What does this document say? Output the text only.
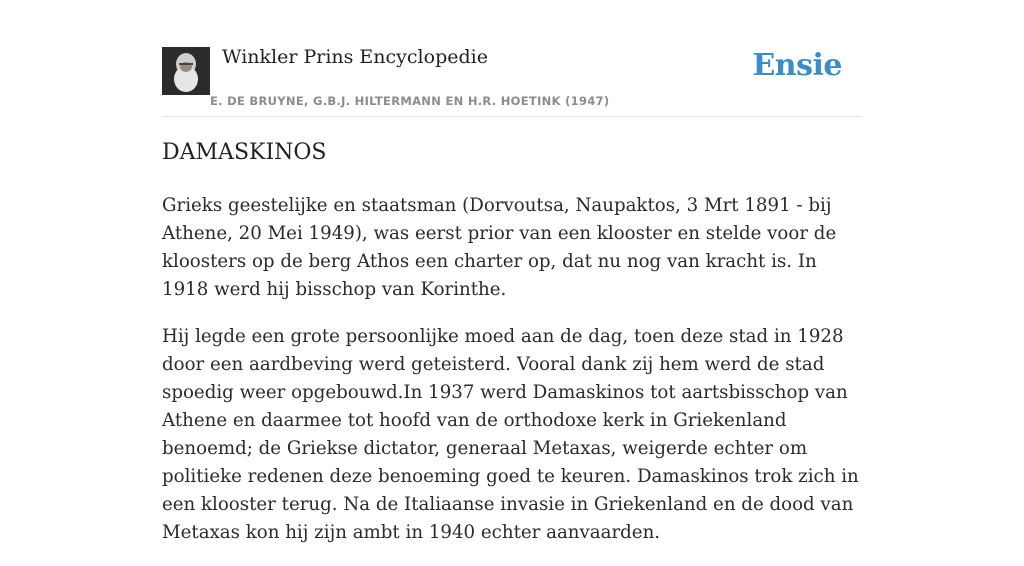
Winkler Prins Encyclopedie
E. DE BRUYNE, G.B.J. HILTERMANN EN H.R. HOETINK (1947)
Ensie
DAMASKINOS

Grieks geestelijke en staatsman (Dorvoutsa, Naupaktos, 3 Mrt 1891 - bij Athene, 20 Mei 1949), was eerst prior van een klooster en stelde voor de kloosters op de berg Athos een charter op, dat nu nog van kracht is. In 1918 werd hij bisschop van Korinthe.

Hij legde een grote persoonlijke moed aan de dag, toen deze stad in 1928 door een aardbeving werd geteisterd. Vooral dank zij hem werd de stad spoedig weer opgebouwd.In 1937 werd Damaskinos tot aartsbisschop van Athene en daarmee tot hoofd van de orthodoxe kerk in Griekenland benoemd; de Griekse dictator, generaal Metaxas, weigerde echter om politieke redenen deze benoeming goed te keuren. Damaskinos trok zich in een klooster terug. Na de Italiaanse invasie in Griekenland en de dood van Metaxas kon hij zijn ambt in 1940 echter aanvaarden.
